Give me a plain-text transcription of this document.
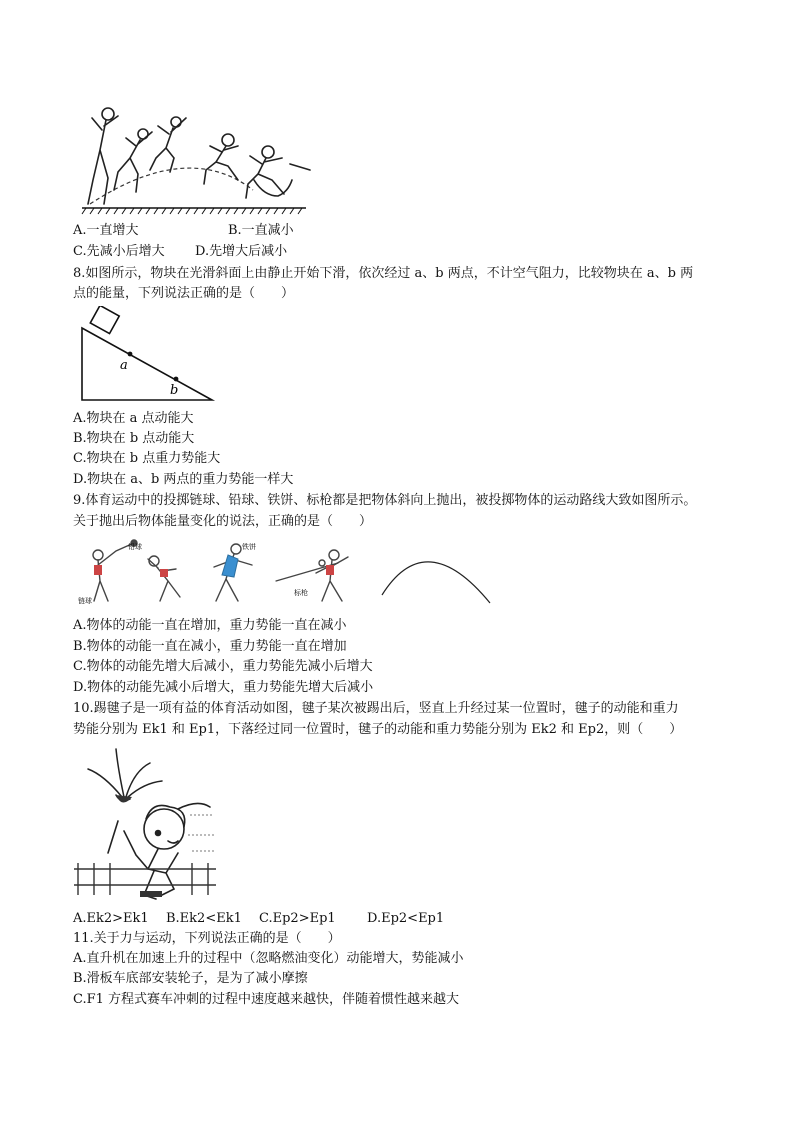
A.一直增大	B.一直减小
C.先减小后增大 D.先增大后减小
8.如图所示，物块在光滑斜面上由静止开始下滑，依次经过 a、b 两点，不计空气阻力，比较物块在 a、b 两
点的能量，下列说法正确的是（　　）
a
b
A.物块在 a 点动能大
B.物块在 b 点动能大
C.物块在 b 点重力势能大
D.物块在 a、b 两点的重力势能一样大
9.体育运动中的投掷链球、铅球、铁饼、标枪都是把物体斜向上抛出，被投掷物体的运动路线大致如图所示。
关于抛出后物体能量变化的说法，正确的是（　　）
铅球
链球
铁饼
标枪
A.物体的动能一直在增加，重力势能一直在减小
B.物体的动能一直在减小，重力势能一直在增加
C.物体的动能先增大后减小，重力势能先减小后增大
D.物体的动能先减小后增大，重力势能先增大后减小
10.踢毽子是一项有益的体育活动如图，毽子某次被踢出后，竖直上升经过某一位置时，毽子的动能和重力
势能分别为 Ek1 和 Ep1，下落经过同一位置时，毽子的动能和重力势能分别为 Ek2 和 Ep2，则（　　）
A.Ek2>Ek1 B.Ek2<Ek1 C.Ep2>Ep1 D.Ep2<Ep1
11.关于力与运动，下列说法正确的是（　　）
A.直升机在加速上升的过程中（忽略燃油变化）动能增大，势能减小
B.滑板车底部安装轮子，是为了减小摩擦
C.F1 方程式赛车冲刺的过程中速度越来越快，伴随着惯性越来越大
